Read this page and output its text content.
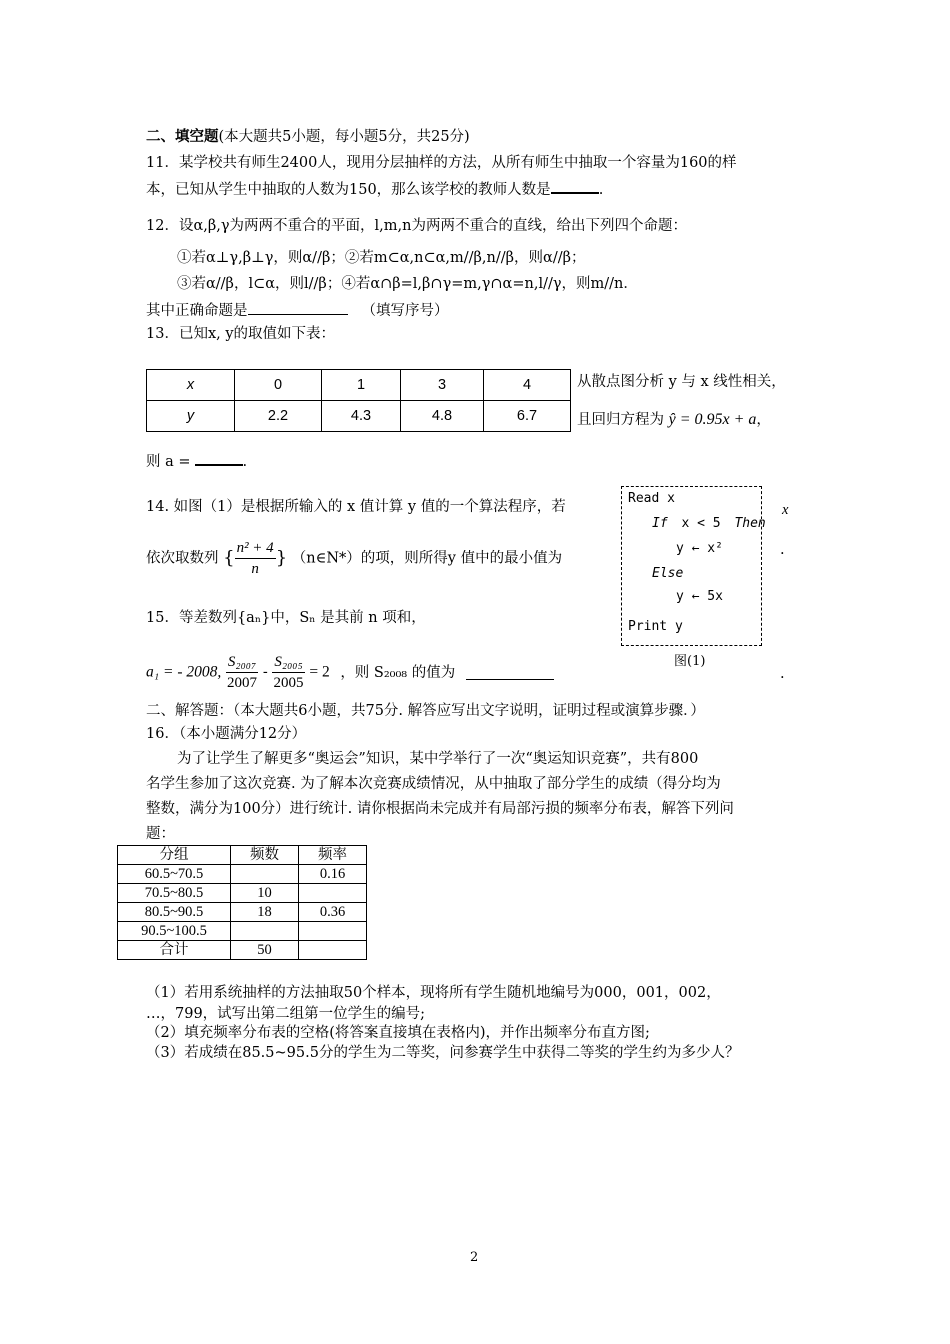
二、填空题(本大题共5小题，每小题5分，共25分)
11．某学校共有师生2400人，现用分层抽样的方法，从所有师生中抽取一个容量为160的样
本，已知从学生中抽取的人数为150，那么该学校的教师人数是	.
12．设α,β,γ为两两不重合的平面，l,m,n为两两不重合的直线，给出下列四个命题：
①若α⊥γ,β⊥γ，则α//β；②若m⊂α,n⊂α,m//β,n//β，则α//β；
③若α//β，l⊂α，则l//β；④若α∩β=l,β∩γ=m,γ∩α=n,l//γ，则m//n．
其中正确命题是	（填写序号）
13．已知x, y的取值如下表：
x	0	1	3	4
y	2.2	4.3	4.8	6.7
从散点图分析 y 与 x 线性相关，
且回归方程为 ŷ = 0.95x + a，
则 a =	.
14. 如图（1）是根据所输入的 x 值计算 y 值的一个算法程序，若	x
依次取数列 { $\frac{\text{n² + 4}}{n}$ } （n∈N*）的项，则所得y 值中的最小值为
.
Read x
If x < 5 Then
y ← x²
Else
y ← 5x
Print y
图(1)
15．等差数列{aₙ}中，Sₙ 是其前 n 项和，
a₁ = - 2008, $\frac{\text{S₂₀₀₇}}{2007} - \frac{\text{S₂₀₀₅}}{2005} = 2$ ，则 S₂₀₀₈ 的值为	.
二、解答题：（本大题共6小题，共75分. 解答应写出文字说明，证明过程或演算步骤．）
16．（本小题满分12分）
为了让学生了解更多“奥运会”知识，某中学举行了一次“奥运知识竞赛”，共有800
名学生参加了这次竞赛. 为了解本次竞赛成绩情况，从中抽取了部分学生的成绩（得分均为
整数，满分为100分）进行统计. 请你根据尚未完成并有局部污损的频率分布表，解答下列问
题：
分组	频数	频率
60.5~70.5		0.16
70.5~80.5	10	
80.5~90.5	18	0.36
90.5~100.5		
合计	50	
（1）若用系统抽样的方法抽取50个样本，现将所有学生随机地编号为000，001，002，
…，799，试写出第二组第一位学生的编号;
（2）填充频率分布表的空格(将答案直接填在表格内)，并作出频率分布直方图;
（3）若成绩在85.5~95.5分的学生为二等奖，问参赛学生中获得二等奖的学生约为多少人？
2
